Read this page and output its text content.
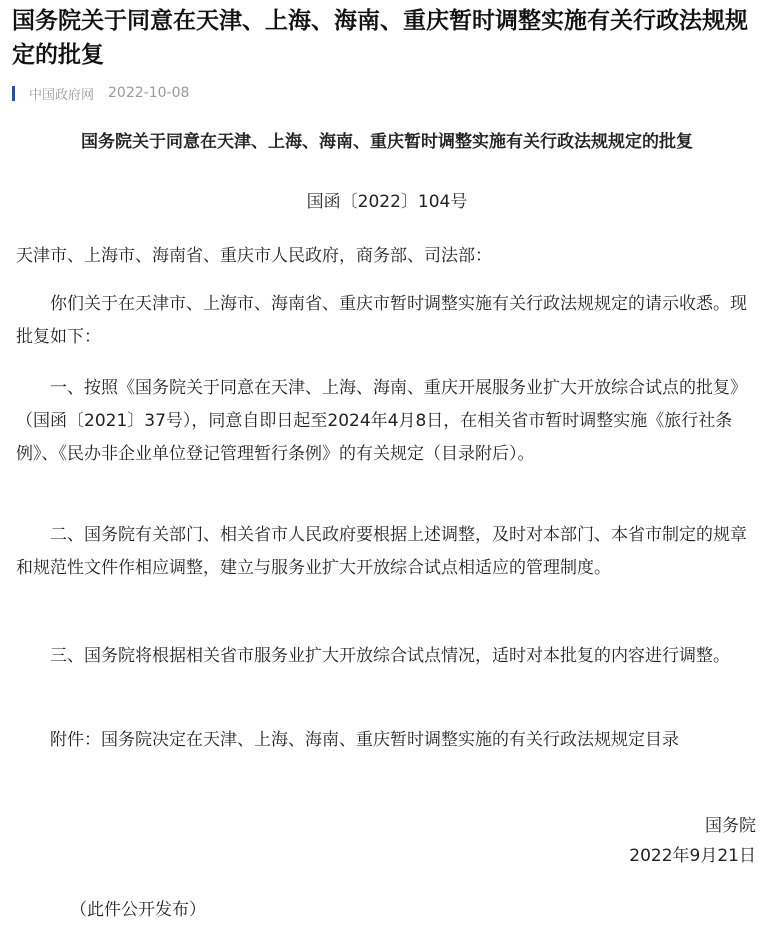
国务院关于同意在天津、上海、海南、重庆暂时调整实施有关行政法规规定的批复
中国政府网 2022-10-08
国务院关于同意在天津、上海、海南、重庆暂时调整实施有关行政法规规定的批复
国函〔2022〕104号

天津市、上海市、海南省、重庆市人民政府，商务部、司法部：

你们关于在天津市、上海市、海南省、重庆市暂时调整实施有关行政法规规定的请示收悉。现批复如下：

一、按照《国务院关于同意在天津、上海、海南、重庆开展服务业扩大开放综合试点的批复》（国函〔2021〕37号），同意自即日起至2024年4月8日，在相关省市暂时调整实施《旅行社条例》、《民办非企业单位登记管理暂行条例》的有关规定（目录附后）。

二、国务院有关部门、相关省市人民政府要根据上述调整，及时对本部门、本省市制定的规章和规范性文件作相应调整，建立与服务业扩大开放综合试点相适应的管理制度。

三、国务院将根据相关省市服务业扩大开放综合试点情况，适时对本批复的内容进行调整。

附件：国务院决定在天津、上海、海南、重庆暂时调整实施的有关行政法规规定目录

国务院
2022年9月21日
（此件公开发布）
